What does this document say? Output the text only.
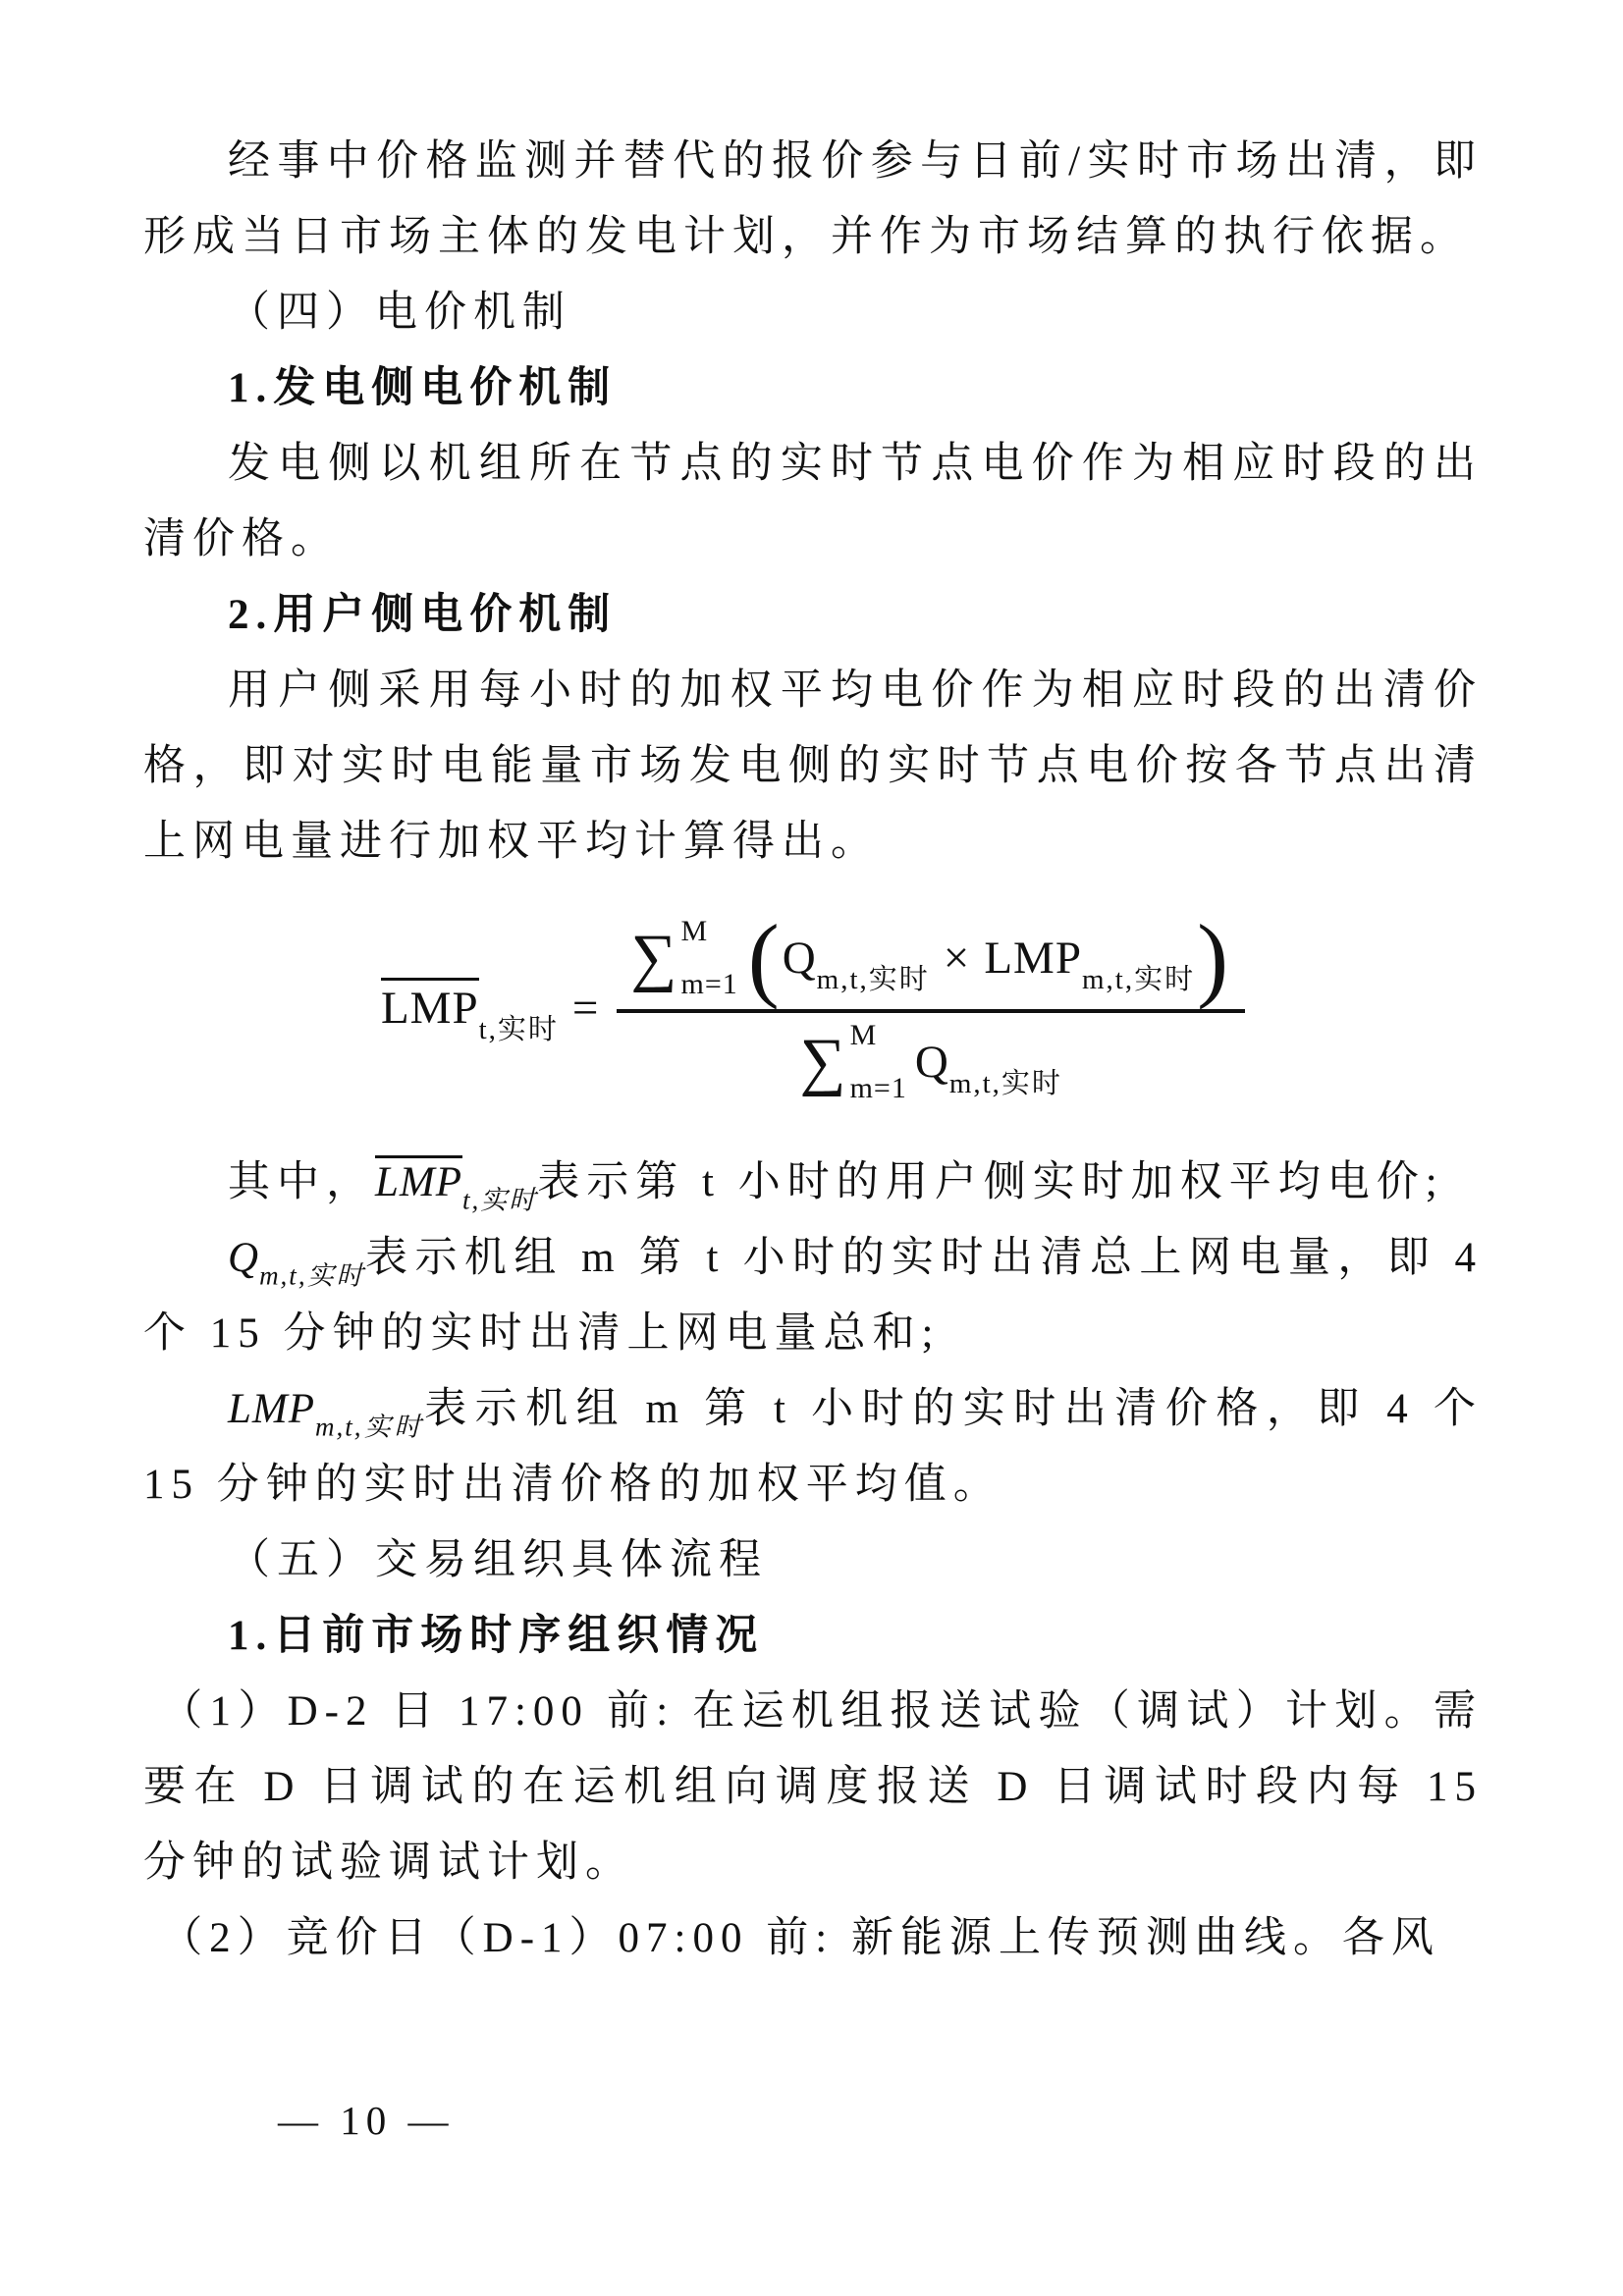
经事中价格监测并替代的报价参与日前/实时市场出清，即形成当日市场主体的发电计划，并作为市场结算的执行依据。

（四）电价机制

1.发电侧电价机制

发电侧以机组所在节点的实时节点电价作为相应时段的出清价格。

2.用户侧电价机制

用户侧采用每小时的加权平均电价作为相应时段的出清价格，即对实时电能量市场发电侧的实时节点电价按各节点出清上网电量进行加权平均计算得出。

$LMP_{t,实时}$ =
∑ M
m=1 ( $Q_{m,t,实时} \times LMP_{m,t,实时}$ )
∑ M
m=1
$Q_{m,t,实时}$

其中，$LMP_{t,实时}$表示第 t 小时的用户侧实时加权平均电价;

$Q_{m,t,实时}$表示机组 m 第 t 小时的实时出清总上网电量，即 4 个 15 分钟的实时出清上网电量总和;

$LMP_{m,t,实时}$表示机组 m 第 t 小时的实时出清价格，即 4 个 15 分钟的实时出清价格的加权平均值。

（五）交易组织具体流程

1.日前市场时序组织情况

（1）D-2 日 17:00 前: 在运机组报送试验（调试）计划。需要在 D 日调试的在运机组向调度报送 D 日调试时段内每 15 分钟的试验调试计划。

（2）竞价日（D-1）07:00 前: 新能源上传预测曲线。各风

— 10 —
